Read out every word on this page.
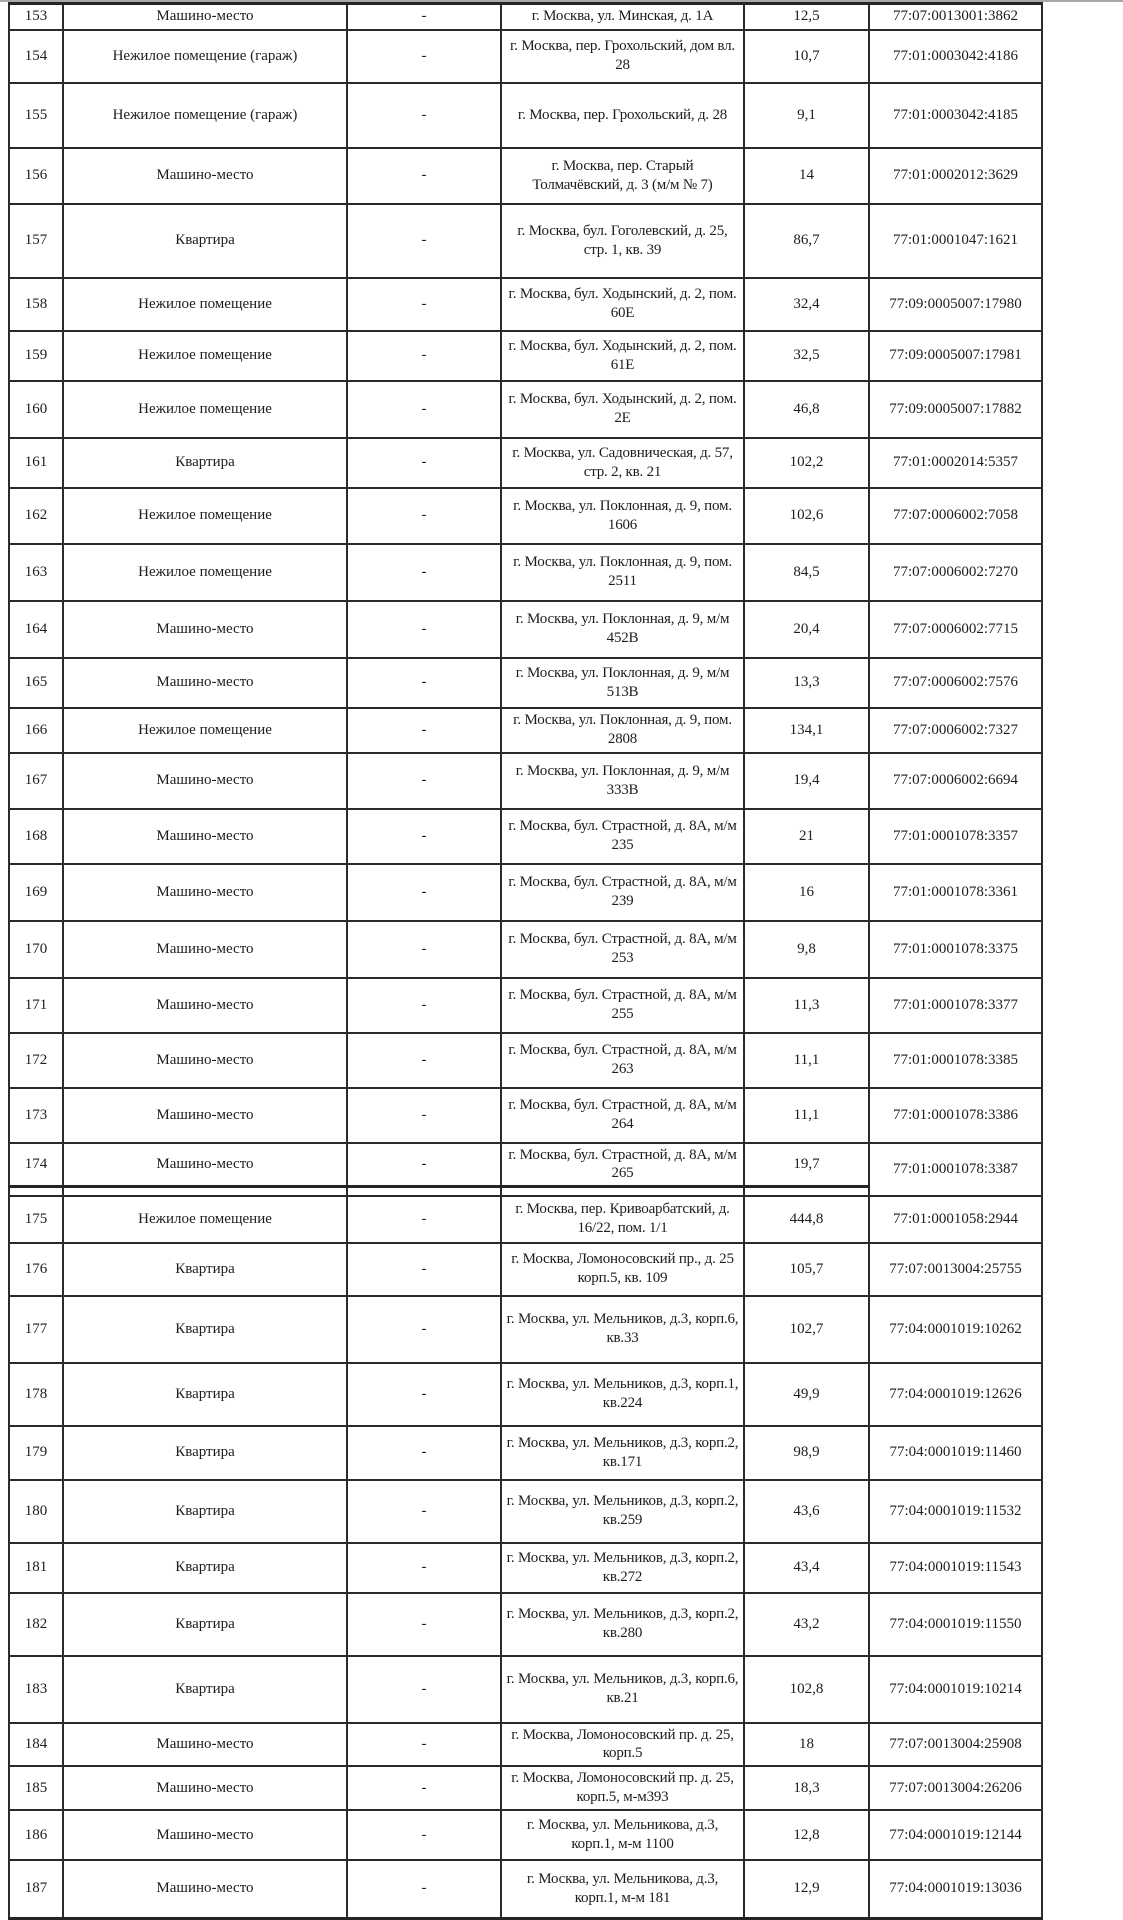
153	Машино-место	-	г. Москва, ул. Минская, д. 1А	12,5	77:07:0013001:3862
154	Нежилое помещение (гараж)	-	г. Москва, пер. Грохольский, дом вл. 28	10,7	77:01:0003042:4186
155	Нежилое помещение (гараж)	-	г. Москва, пер. Грохольский, д. 28	9,1	77:01:0003042:4185
156	Машино-место	-	г. Москва, пер. Старый Толмачёвский, д. 3 (м/м № 7)	14	77:01:0002012:3629
157	Квартира	-	г. Москва, бул. Гоголевский, д. 25, стр. 1, кв. 39	86,7	77:01:0001047:1621
158	Нежилое помещение	-	г. Москва, бул. Ходынский, д. 2, пом. 60Е	32,4	77:09:0005007:17980
159	Нежилое помещение	-	г. Москва, бул. Ходынский, д. 2, пом. 61Е	32,5	77:09:0005007:17981
160	Нежилое помещение	-	г. Москва, бул. Ходынский, д. 2, пом. 2Е	46,8	77:09:0005007:17882
161	Квартира	-	г. Москва, ул. Садовническая, д. 57, стр. 2, кв. 21	102,2	77:01:0002014:5357
162	Нежилое помещение	-	г. Москва, ул. Поклонная, д. 9, пом. 1606	102,6	77:07:0006002:7058
163	Нежилое помещение	-	г. Москва, ул. Поклонная, д. 9, пом. 2511	84,5	77:07:0006002:7270
164	Машино-место	-	г. Москва, ул. Поклонная, д. 9, м/м 452В	20,4	77:07:0006002:7715
165	Машино-место	-	г. Москва, ул. Поклонная, д. 9, м/м 513В	13,3	77:07:0006002:7576
166	Нежилое помещение	-	г. Москва, ул. Поклонная, д. 9, пом. 2808	134,1	77:07:0006002:7327
167	Машино-место	-	г. Москва, ул. Поклонная, д. 9, м/м 333В	19,4	77:07:0006002:6694
168	Машино-место	-	г. Москва, бул. Страстной, д. 8А, м/м 235	21	77:01:0001078:3357
169	Машино-место	-	г. Москва, бул. Страстной, д. 8А, м/м 239	16	77:01:0001078:3361
170	Машино-место	-	г. Москва, бул. Страстной, д. 8А, м/м 253	9,8	77:01:0001078:3375
171	Машино-место	-	г. Москва, бул. Страстной, д. 8А, м/м 255	11,3	77:01:0001078:3377
172	Машино-место	-	г. Москва, бул. Страстной, д. 8А, м/м 263	11,1	77:01:0001078:3385
173	Машино-место	-	г. Москва, бул. Страстной, д. 8А, м/м 264	11,1	77:01:0001078:3386
174	Машино-место	-	г. Москва, бул. Страстной, д. 8А, м/м 265	19,7	77:01:0001078:3387

175	Нежилое помещение	-	г. Москва, пер. Кривоарбатский, д. 16/22, пом. 1/1	444,8	77:01:0001058:2944
176	Квартира	-	г. Москва, Ломоносовский пр., д. 25 корп.5, кв. 109	105,7	77:07:0013004:25755
177	Квартира	-	г. Москва, ул. Мельников, д.3, корп.6, кв.33	102,7	77:04:0001019:10262
178	Квартира	-	г. Москва, ул. Мельников, д.3, корп.1, кв.224	49,9	77:04:0001019:12626
179	Квартира	-	г. Москва, ул. Мельников, д.3, корп.2, кв.171	98,9	77:04:0001019:11460
180	Квартира	-	г. Москва, ул. Мельников, д.3, корп.2, кв.259	43,6	77:04:0001019:11532
181	Квартира	-	г. Москва, ул. Мельников, д.3, корп.2, кв.272	43,4	77:04:0001019:11543
182	Квартира	-	г. Москва, ул. Мельников, д.3, корп.2, кв.280	43,2	77:04:0001019:11550
183	Квартира	-	г. Москва, ул. Мельников, д.3, корп.6, кв.21	102,8	77:04:0001019:10214
184	Машино-место	-	г. Москва, Ломоносовский пр. д. 25, корп.5	18	77:07:0013004:25908
185	Машино-место	-	г. Москва, Ломоносовский пр. д. 25, корп.5, м-м393	18,3	77:07:0013004:26206
186	Машино-место	-	г. Москва, ул. Мельникова, д.3, корп.1, м-м 1100	12,8	77:04:0001019:12144
187	Машино-место	-	г. Москва, ул. Мельникова, д.3, корп.1, м-м 181	12,9	77:04:0001019:13036
